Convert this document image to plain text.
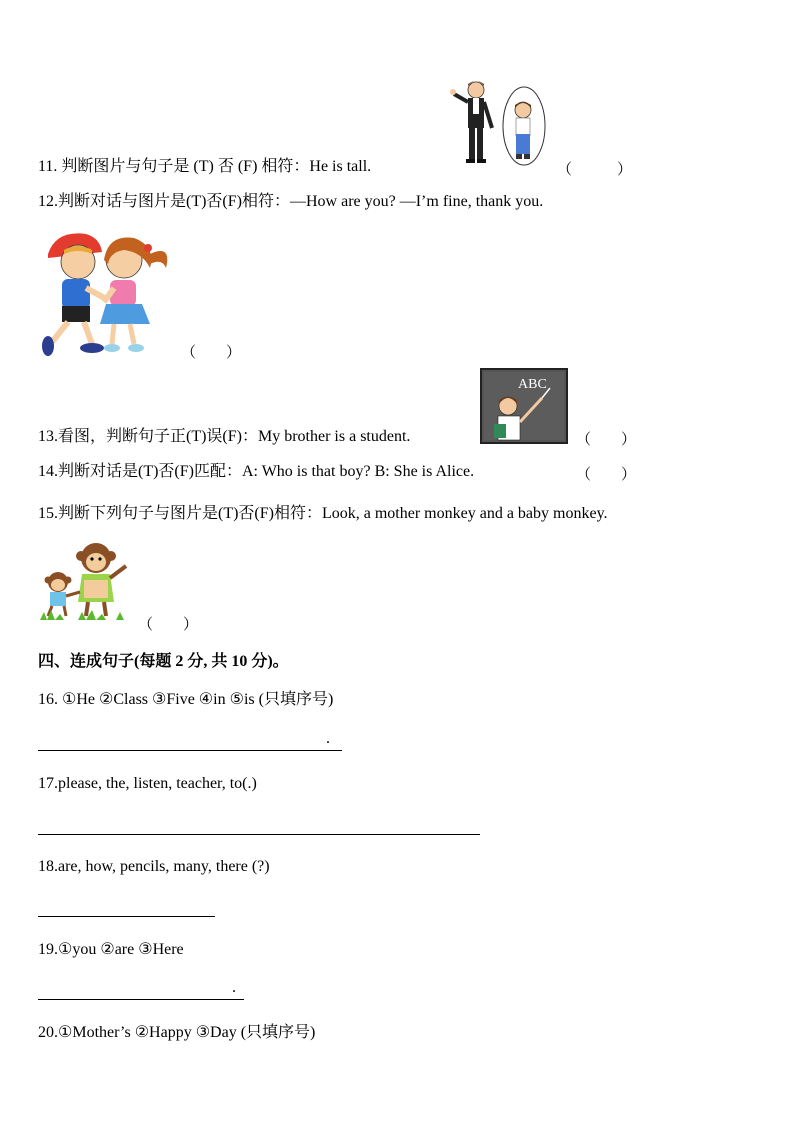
11. 判断图片与句子是 (T) 否 (F) 相符：He is tall.	（　　　）
12.判断对话与图片是(T)否(F)相符：—How are you? —I’m fine, thank you.
（　　）
13.看图，判断句子正(T)误(F)：My brother is a student.
ABC
（　　）
14.判断对话是(T)否(F)匹配：A: Who is that boy? B: She is Alice.	（　　）
15.判断下列句子与图片是(T)否(F)相符：Look, a mother monkey and a baby monkey.
（　　）
四、连成句子(每题 2 分, 共 10 分)。
16. ①He ②Class ③Five ④in ⑤is (只填序号)
.
17.please, the, listen, teacher, to(.)
18.are, how, pencils, many, there (?)
19.①you ②are ③Here
.
20.①Mother’s ②Happy ③Day (只填序号)
